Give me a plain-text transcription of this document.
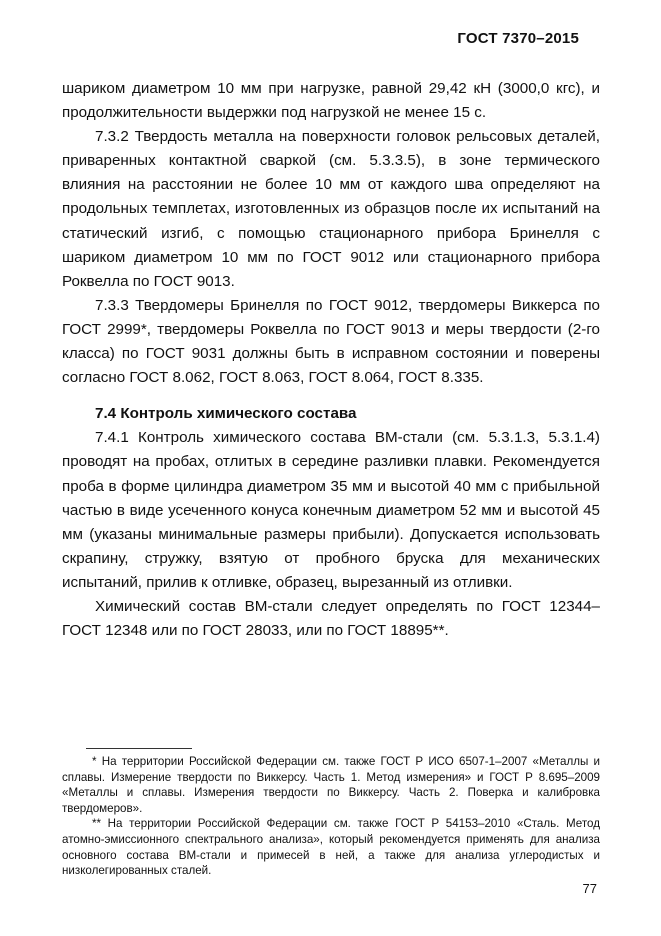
ГОСТ 7370–2015

шариком диаметром 10 мм при нагрузке, равной 29,42 кН (3000,0 кгс), и продолжительности выдержки под нагрузкой не менее 15 с.

7.3.2 Твердость металла на поверхности головок рельсовых деталей, приваренных контактной сваркой (см. 5.3.3.5), в зоне термического влияния на расстоянии не более 10 мм от каждого шва определяют на продольных темплетах, изготовленных из образцов после их испытаний на статический изгиб, с помощью стационарного прибора Бринелля с шариком диаметром 10 мм по ГОСТ 9012 или стационарного прибора Роквелла по ГОСТ 9013.

7.3.3 Твердомеры Бринелля по ГОСТ 9012, твердомеры Виккерса по ГОСТ 2999*, твердомеры Роквелла по ГОСТ 9013 и меры твердости (2-го класса) по ГОСТ 9031 должны быть в исправном состоянии и поверены согласно ГОСТ 8.062, ГОСТ 8.063, ГОСТ 8.064, ГОСТ 8.335.

7.4 Контроль химического состава

7.4.1 Контроль химического состава ВМ-стали (см. 5.3.1.3, 5.3.1.4) проводят на пробах, отлитых в середине разливки плавки. Рекомендуется проба в форме цилиндра диаметром 35 мм и высотой 40 мм с прибыльной частью в виде усеченного конуса конечным диаметром 52 мм и высотой 45 мм (указаны минимальные размеры прибыли). Допускается использовать скрапину, стружку, взятую от пробного бруска для механических испытаний, прилив к отливке, образец, вырезанный из отливки.

Химический состав ВМ-стали следует определять по ГОСТ 12344–ГОСТ 12348 или по ГОСТ 28033, или по ГОСТ 18895**.

* На территории Российской Федерации см. также ГОСТ Р ИСО 6507-1–2007 «Металлы и сплавы. Измерение твердости по Виккерсу. Часть 1. Метод измерения» и ГОСТ Р 8.695–2009 «Металлы и сплавы. Измерения твердости по Виккерсу. Часть 2. Поверка и калибровка твердомеров».

** На территории Российской Федерации см. также ГОСТ Р 54153–2010 «Сталь. Метод атомно-эмиссионного спектрального анализа», который рекомендуется применять для анализа основного состава ВМ-стали и примесей в ней, а также для анализа углеродистых и низколегированных сталей.

77
